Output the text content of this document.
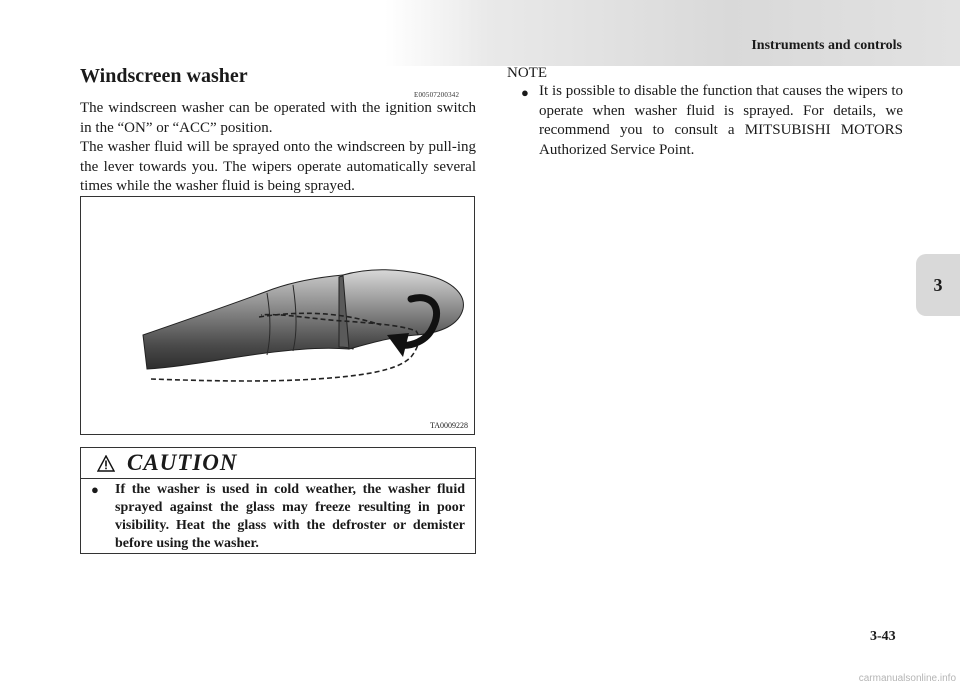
Instruments and controls
3
Windscreen washer
E00507200342

The windscreen washer can be operated with the ignition switch in the “ON” or “ACC” position.

The washer fluid will be sprayed onto the windscreen by pull-ing the lever towards you. The wipers operate automatically several times while the washer fluid is being sprayed.

TA0009228
CAUTION
● If the washer is used in cold weather, the washer fluid sprayed against the glass may freeze resulting in poor visibility. Heat the glass with the defroster or demister before using the washer.

NOTE
● It is possible to disable the function that causes the wipers to operate when washer fluid is sprayed. For details, we recommend you to consult a MITSUBISHI MOTORS Authorized Service Point.

3-43
carmanualsonline.info
